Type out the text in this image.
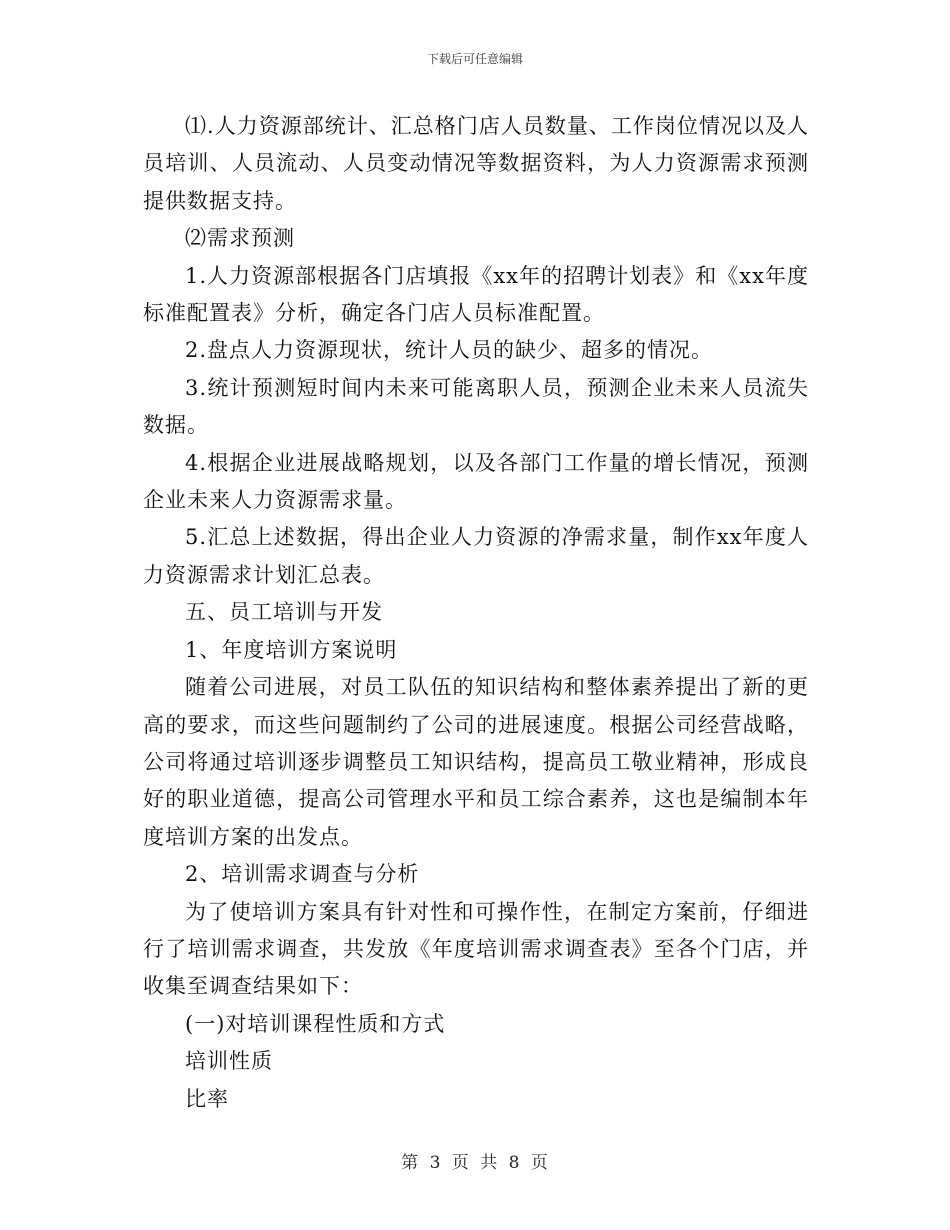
下载后可任意编辑

⑴.人力资源部统计、汇总格门店人员数量、工作岗位情况以及人员培训、人员流动、人员变动情况等数据资料，为人力资源需求预测提供数据支持。

⑵需求预测

1.人力资源部根据各门店填报《xx年的招聘计划表》和《xx年度标准配置表》分析，确定各门店人员标准配置。

2.盘点人力资源现状，统计人员的缺少、超多的情况。

3.统计预测短时间内未来可能离职人员，预测企业未来人员流失数据。

4.根据企业进展战略规划，以及各部门工作量的增长情况，预测企业未来人力资源需求量。

5.汇总上述数据，得出企业人力资源的净需求量，制作xx年度人力资源需求计划汇总表。

五、员工培训与开发

1、年度培训方案说明

随着公司进展，对员工队伍的知识结构和整体素养提出了新的更高的要求，而这些问题制约了公司的进展速度。根据公司经营战略，公司将通过培训逐步调整员工知识结构，提高员工敬业精神，形成良好的职业道德，提高公司管理水平和员工综合素养，这也是编制本年度培训方案的出发点。

2、培训需求调查与分析

为了使培训方案具有针对性和可操作性，在制定方案前，仔细进行了培训需求调查，共发放《年度培训需求调查表》至各个门店，并收集至调查结果如下：

(一)对培训课程性质和方式

培训性质

比率

第 3 页 共 8 页
